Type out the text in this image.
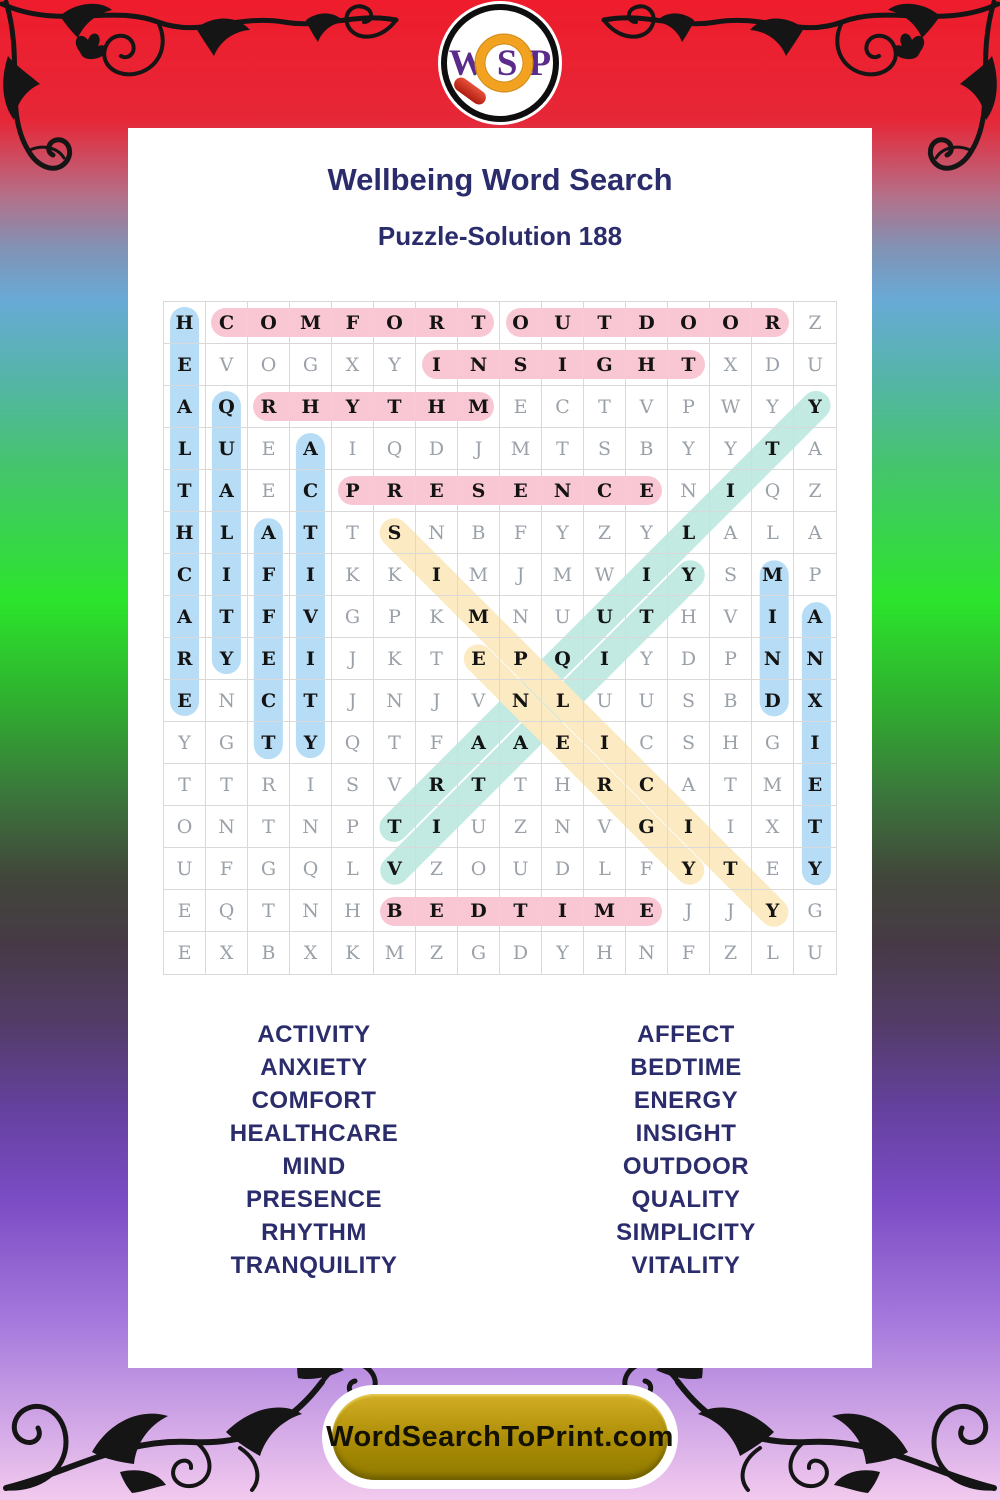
W S P
Wellbeing Word Search
Puzzle-Solution 188
H C O M F O R T O U T D O O R Z
E V O G X Y I N S I G H T X D U
A Q R H Y T H M E C T V P W Y Y
L U E A I Q D J M T S B Y Y T A
T A E C P R E S E N C E N I Q Z
H L A T T S N B F Y Z Y L A L A
C I F I K K I M J M W I Y S M P
A T F V G P K M N U U T H V I A
R Y E I J K T E P Q I Y D P N N
E N C T J N J V N L U U S B D X
Y G T Y Q T F A A E I C S H G I
T T R I S V R T T H R C A T M E
O N T N P T I U Z N V G I I X T
U F G Q L V Z O U D L F Y T E Y
E Q T N H B E D T I M E J J Y G
E X B X K M Z G D Y H N F Z L U
ACTIVITY
ANXIETY
COMFORT
HEALTHCARE
MIND
PRESENCE
RHYTHM
TRANQUILITY
AFFECT
BEDTIME
ENERGY
INSIGHT
OUTDOOR
QUALITY
SIMPLICITY
VITALITY
WordSearchToPrint.com
